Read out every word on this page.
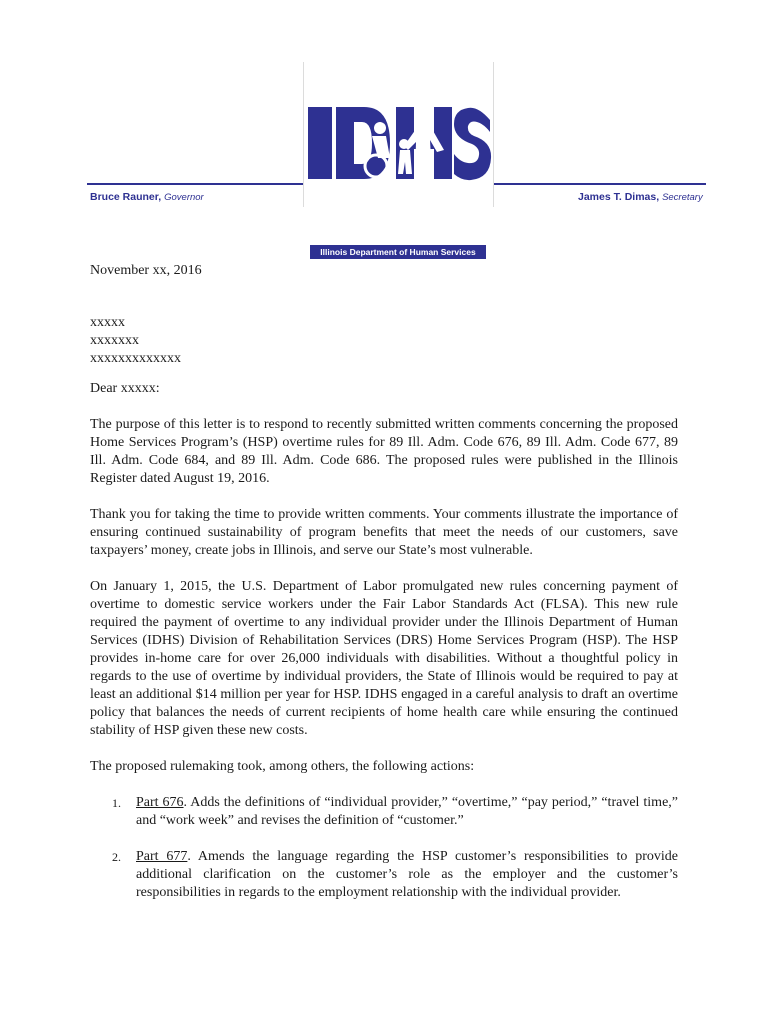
Illinois Department of Human Services
Bruce Rauner, Governor	James T. Dimas, Secretary

November xx, 2016

xxxxx

xxxxxxx

xxxxxxxxxxxxx

Dear xxxxx:

The purpose of this letter is to respond to recently submitted written comments concerning the proposed Home Services Program’s (HSP) overtime rules for 89 Ill. Adm. Code 676, 89 Ill. Adm. Code 677, 89 Ill. Adm. Code 684, and 89 Ill. Adm. Code 686. The proposed rules were published in the Illinois Register dated August 19, 2016.

Thank you for taking the time to provide written comments. Your comments illustrate the importance of ensuring continued sustainability of program benefits that meet the needs of our customers, save taxpayers’ money, create jobs in Illinois, and serve our State’s most vulnerable.

On January 1, 2015, the U.S. Department of Labor promulgated new rules concerning payment of overtime to domestic service workers under the Fair Labor Standards Act (FLSA). This new rule required the payment of overtime to any individual provider under the Illinois Department of Human Services (IDHS) Division of Rehabilitation Services (DRS) Home Services Program (HSP). The HSP provides in-home care for over 26,000 individuals with disabilities. Without a thoughtful policy in regards to the use of overtime by individual providers, the State of Illinois would be required to pay at least an additional $14 million per year for HSP. IDHS engaged in a careful analysis to draft an overtime policy that balances the needs of current recipients of home health care while ensuring the continued stability of HSP given these new costs.

The proposed rulemaking took, among others, the following actions:

1. Part 676. Adds the definitions of “individual provider,” “overtime,” “pay period,” “travel time,” and “work week” and revises the definition of “customer.”
2. Part 677. Amends the language regarding the HSP customer’s responsibilities to provide additional clarification on the customer’s role as the employer and the customer’s responsibilities in regards to the employment relationship with the individual provider.
